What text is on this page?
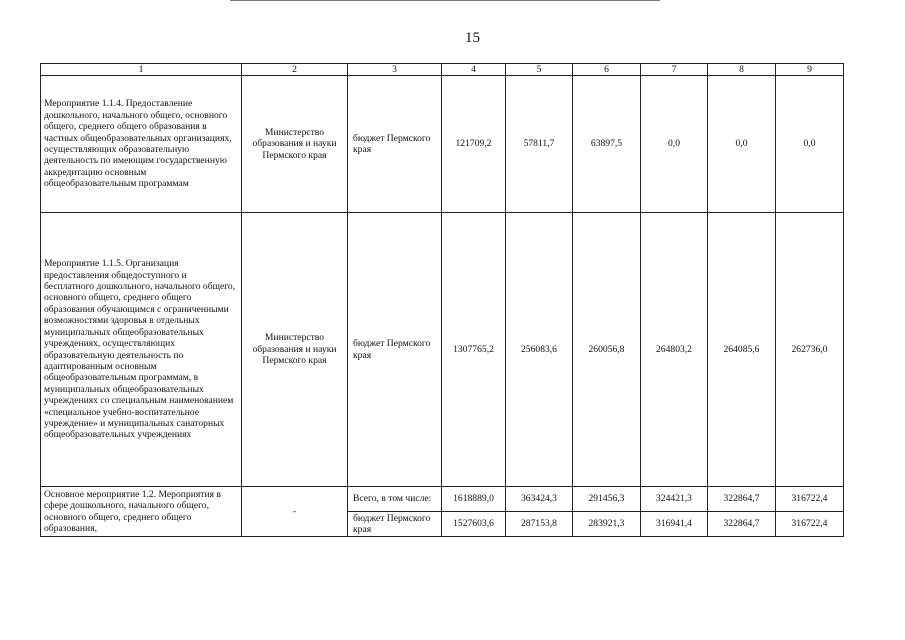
15
1	2	3	4	5	6	7	8	9
Мероприятие 1.1.4. Предоставление дошкольного, начального общего, основного общего, среднего общего образования в частных общеобразовательных организациях, осуществляющих образовательную деятельность по имеющим государственную аккредитацию основным общеобразовательным программам	Министерство образования и науки Пермского края	бюджет Пермского края	121709,2	57811,7	63897,5	0,0	0,0	0,0
Мероприятие 1.1.5. Организация предоставления общедоступного и бесплатного дошкольного, начального общего, основного общего, среднего общего образования обучающимся с ограниченными возможностями здоровья в отдельных муниципальных общеобразовательных учреждениях, осуществляющих образовательную деятельность по адаптированным основным общеобразовательным программам, в муниципальных общеобразовательных учреждениях со специальным наименованием «специальное учебно-воспитательное учреждение» и муниципальных санаторных общеобразовательных учреждениях	Министерство образования и науки Пермского края	бюджет Пермского края	1307765,2	256083,6	260056,8	264803,2	264085,6	262736,0
Основное мероприятие 1.2. Мероприятия в сфере дошкольного, начального общего, основного общего, среднего общего образования,	-	Всего, в том числе:	1618889,0	363424,3	291456,3	324421,3	322864,7	316722,4
		бюджет Пермского края	1527603,6	287153,8	283921,3	316941,4	322864,7	316722,4
